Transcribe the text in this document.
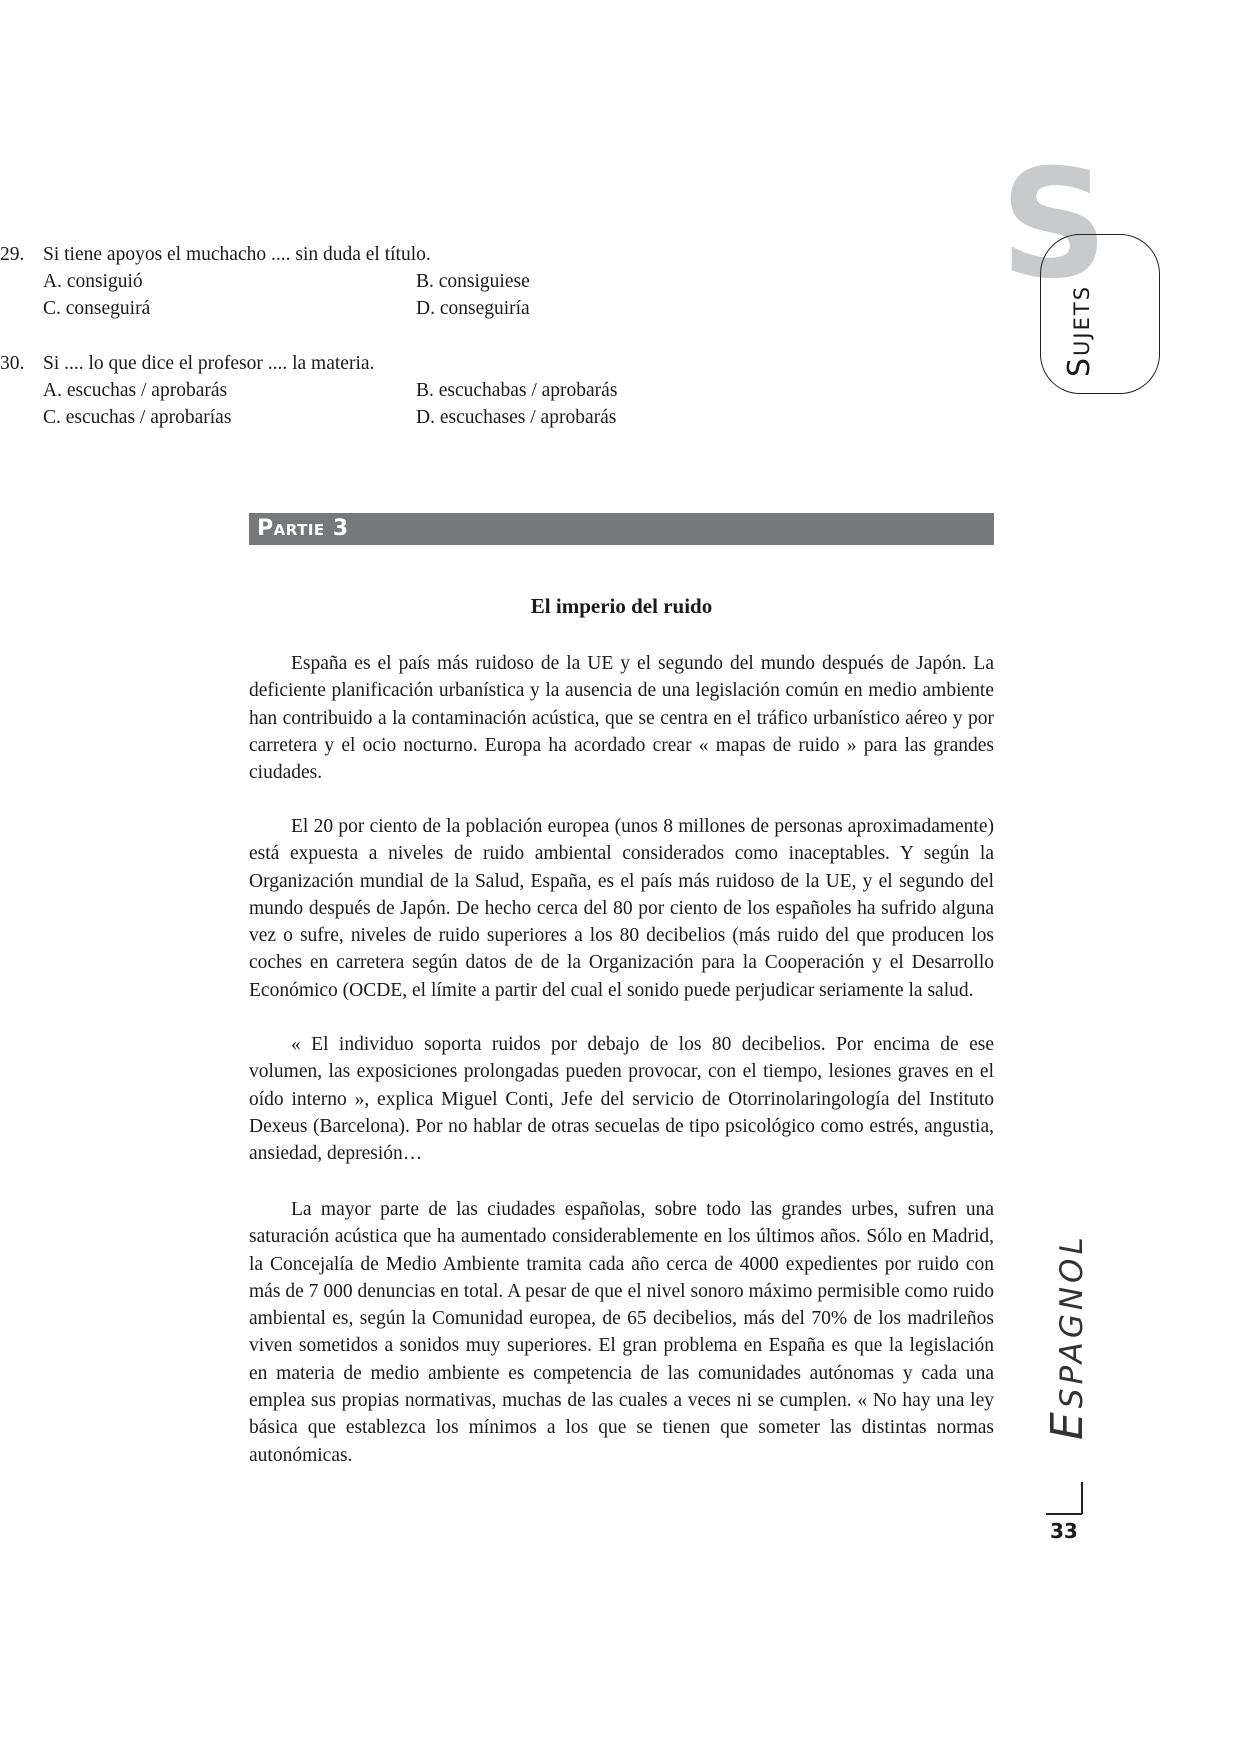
29. Si tiene apoyos el muchacho .... sin duda el título.
A. consiguió	B. consiguiese
C. conseguirá	D. conseguiría
30. Si .... lo que dice el profesor .... la materia.
A. escuchas / aprobarás	B. escuchabas / aprobarás
C. escuchas / aprobarías	D. escuchases / aprobarás
Partie 3
El imperio del ruido

España es el país más ruidoso de la UE y el segundo del mundo después de Japón. La deficiente planificación urbanística y la ausencia de una legislación común en medio ambiente han contribuido a la contaminación acústica, que se centra en el tráfico urbanístico aéreo y por carretera y el ocio nocturno. Europa ha acordado crear « mapas de ruido » para las grandes ciudades.

El 20 por ciento de la población europea (unos 8 millones de personas aproximadamente) está expuesta a niveles de ruido ambiental considerados como inaceptables. Y según la Organización mundial de la Salud, España, es el país más ruidoso de la UE, y el segundo del mundo después de Japón. De hecho cerca del 80 por ciento de los españoles ha sufrido alguna vez o sufre, niveles de ruido superiores a los 80 decibelios (más ruido del que producen los coches en carretera según datos de de la Organización para la Cooperación y el Desarrollo Económico (OCDE, el límite a partir del cual el sonido puede perjudicar seriamente la salud.

« El individuo soporta ruidos por debajo de los 80 decibelios. Por encima de ese volumen, las exposiciones prolongadas pueden provocar, con el tiempo, lesiones graves en el oído interno », explica Miguel Conti, Jefe del servicio de Otorrinolaringología del Instituto Dexeus (Barcelona). Por no hablar de otras secuelas de tipo psicológico como estrés, angustia, ansiedad, depresión…

La mayor parte de las ciudades españolas, sobre todo las grandes urbes, sufren una saturación acústica que ha aumentado considerablemente en los últimos años. Sólo en Madrid, la Concejalía de Medio Ambiente tramita cada año cerca de 4000 expedientes por ruido con más de 7 000 denuncias en total. A pesar de que el nivel sonoro máximo permisible como ruido ambiental es, según la Comunidad europea, de 65 decibelios, más del 70% de los madrileños viven sometidos a sonidos muy superiores. El gran problema en España es que la legislación en materia de medio ambiente es competencia de las comunidades autónomas y cada una emplea sus propias normativas, muchas de las cuales a veces ni se cumplen. « No hay una ley básica que establezca los mínimos a los que se tienen que someter las distintas normas autonómicas.

S
Sujets
Espagnol
33
